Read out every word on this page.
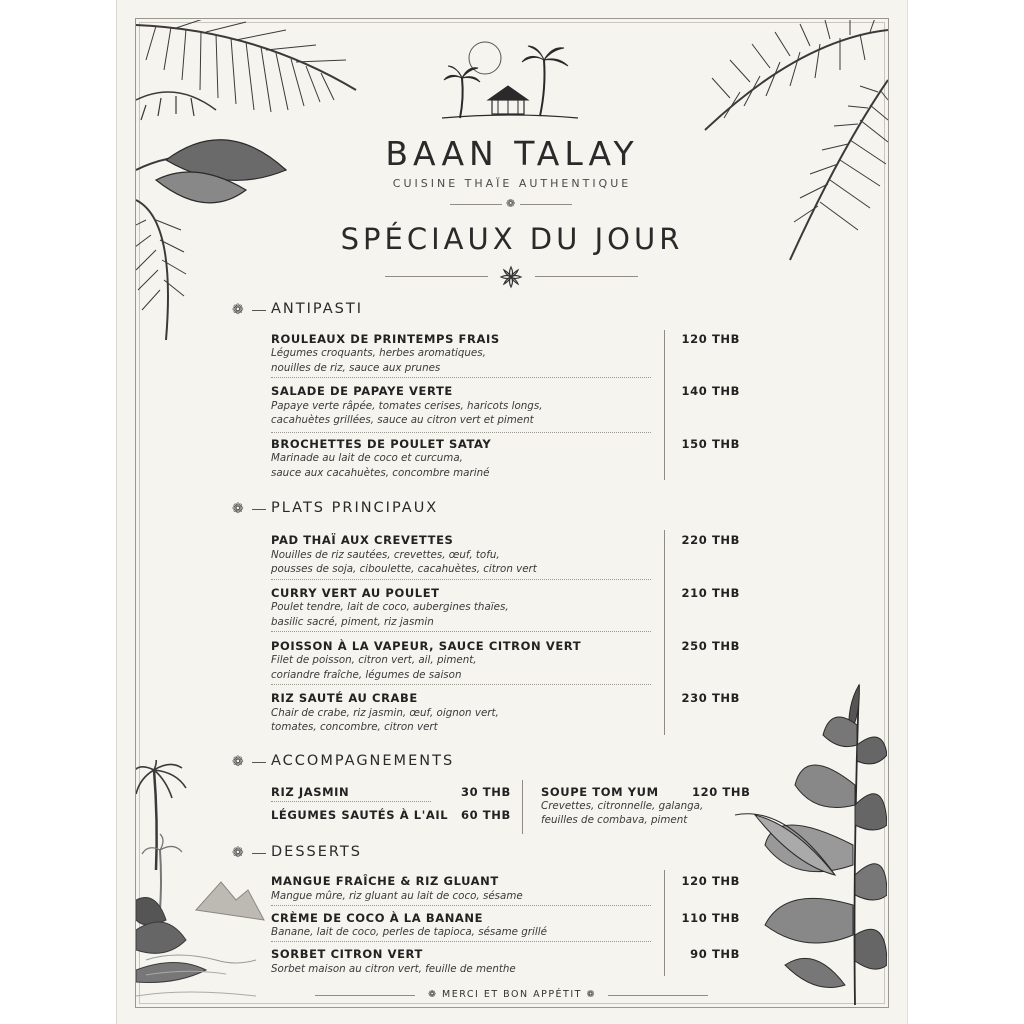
BAAN TALAY
CUISINE THAÏE AUTHENTIQUE
❁
SPÉCIAUX DU JOUR
❁ ANTIPASTI
ROULEAUX DE PRINTEMPS FRAIS	120 THB
Légumes croquants, herbes aromatiques,
nouilles de riz, sauce aux prunes
SALADE DE PAPAYE VERTE	140 THB
Papaye verte râpée, tomates cerises, haricots longs,
cacahuètes grillées, sauce au citron vert et piment
BROCHETTES DE POULET SATAY	150 THB
Marinade au lait de coco et curcuma,
sauce aux cacahuètes, concombre mariné
❁ PLATS PRINCIPAUX
PAD THAÏ AUX CREVETTES	220 THB
Nouilles de riz sautées, crevettes, œuf, tofu,
pousses de soja, ciboulette, cacahuètes, citron vert
CURRY VERT AU POULET	210 THB
Poulet tendre, lait de coco, aubergines thaïes,
basilic sacré, piment, riz jasmin
POISSON À LA VAPEUR, SAUCE CITRON VERT	250 THB
Filet de poisson, citron vert, ail, piment,
coriandre fraîche, légumes de saison
RIZ SAUTÉ AU CRABE	230 THB
Chair de crabe, riz jasmin, œuf, oignon vert,
tomates, concombre, citron vert
❁ ACCOMPAGNEMENTS
RIZ JASMIN	30 THB
LÉGUMES SAUTÉS À L'AIL 60 THB
SOUPE TOM YUM	120 THB
Crevettes, citronnelle, galanga,
feuilles de combava, piment
❁ DESSERTS
MANGUE FRAÎCHE & RIZ GLUANT	120 THB
Mangue mûre, riz gluant au lait de coco, sésame
CRÈME DE COCO À LA BANANE	110 THB
Banane, lait de coco, perles de tapioca, sésame grillé
SORBET CITRON VERT	90 THB
Sorbet maison au citron vert, feuille de menthe
❁ MERCI ET BON APPÉTIT ❁
